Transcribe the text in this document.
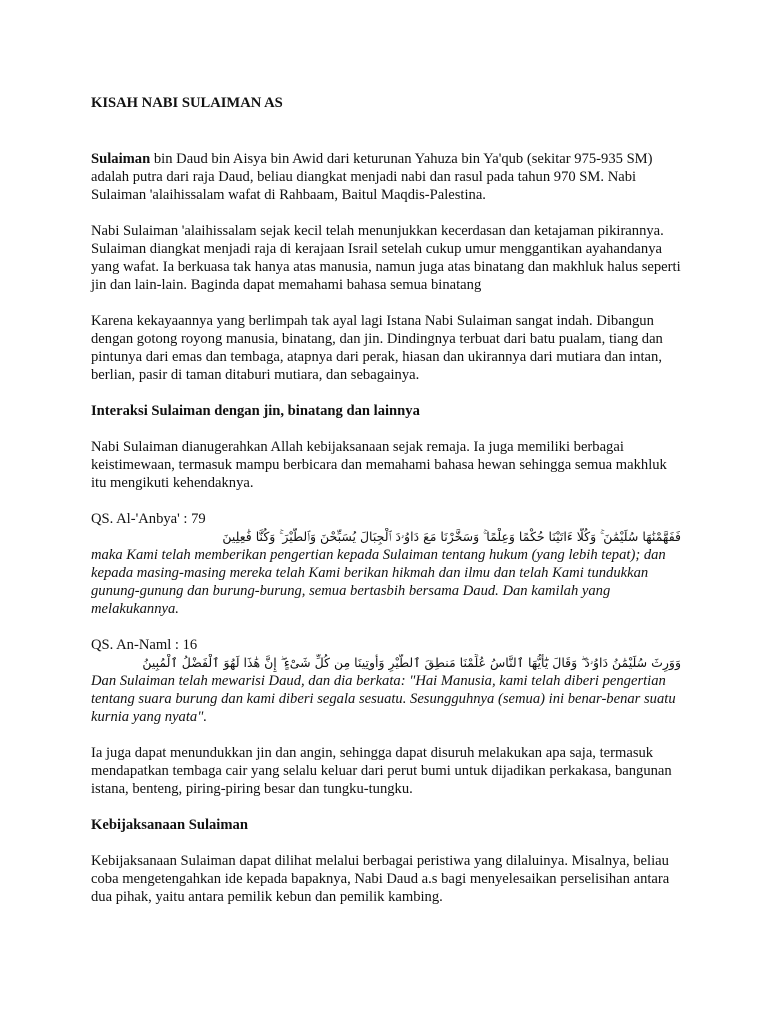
KISAH NABI SULAIMAN AS

Sulaiman bin Daud bin Aisya bin Awid dari keturunan Yahuza bin Ya'qub (sekitar 975-935 SM) adalah putra dari raja Daud, beliau diangkat menjadi nabi dan rasul pada tahun 970 SM. Nabi Sulaiman 'alaihissalam wafat di Rahbaam, Baitul Maqdis-Palestina.

Nabi Sulaiman 'alaihissalam sejak kecil telah menunjukkan kecerdasan dan ketajaman pikirannya. Sulaiman diangkat menjadi raja di kerajaan Israil setelah cukup umur menggantikan ayahandanya yang wafat. Ia berkuasa tak hanya atas manusia, namun juga atas binatang dan makhluk halus seperti jin dan lain-lain. Baginda dapat memahami bahasa semua binatang

Karena kekayaannya yang berlimpah tak ayal lagi Istana Nabi Sulaiman sangat indah. Dibangun dengan gotong royong manusia, binatang, dan jin. Dindingnya terbuat dari batu pualam, tiang dan pintunya dari emas dan tembaga, atapnya dari perak, hiasan dan ukirannya dari mutiara dan intan, berlian, pasir di taman ditaburi mutiara, dan sebagainya.

Interaksi Sulaiman dengan jin, binatang dan lainnya

Nabi Sulaiman dianugerahkan Allah kebijaksanaan sejak remaja. Ia juga memiliki berbagai keistimewaan, termasuk mampu berbicara dan memahami bahasa hewan sehingga semua makhluk itu mengikuti kehendaknya.

QS. Al-'Anbya' : 79
فَفَهَّمْنَٰهَا سُلَيْمَٰنَ ۚ وَكُلًّا ءَاتَيْنَا حُكْمًا وَعِلْمًا ۚ وَسَخَّرْنَا مَعَ دَاوُۥدَ ٱلْجِبَالَ يُسَبِّحْنَ وَٱلطَّيْرَ ۚ وَكُنَّا فَٰعِلِينَ
maka Kami telah memberikan pengertian kepada Sulaiman tentang hukum (yang lebih tepat); dan kepada masing-masing mereka telah Kami berikan hikmah dan ilmu dan telah Kami tundukkan gunung-gunung dan burung-burung, semua bertasbih bersama Daud. Dan kamilah yang melakukannya.
QS. An-Naml : 16
وَوَرِثَ سُلَيْمَٰنُ دَاوُۥدَ ۖ وَقَالَ يَٰٓأَيُّهَا ٱلنَّاسُ عُلِّمْنَا مَنطِقَ ٱلطَّيْرِ وَأُوتِينَا مِن كُلِّ شَىْءٍ ۖ إِنَّ هَٰذَا لَهُوَ ٱلْفَضْلُ ٱلْمُبِينُ
Dan Sulaiman telah mewarisi Daud, dan dia berkata: "Hai Manusia, kami telah diberi pengertian tentang suara burung dan kami diberi segala sesuatu. Sesungguhnya (semua) ini benar-benar suatu kurnia yang nyata".

Ia juga dapat menundukkan jin dan angin, sehingga dapat disuruh melakukan apa saja, termasuk mendapatkan tembaga cair yang selalu keluar dari perut bumi untuk dijadikan perkakasa, bangunan istana, benteng, piring-piring besar dan tungku-tungku.

Kebijaksanaan Sulaiman

Kebijaksanaan Sulaiman dapat dilihat melalui berbagai peristiwa yang dilaluinya. Misalnya, beliau coba mengetengahkan ide kepada bapaknya, Nabi Daud a.s bagi menyelesaikan perselisihan antara dua pihak, yaitu antara pemilik kebun dan pemilik kambing.
